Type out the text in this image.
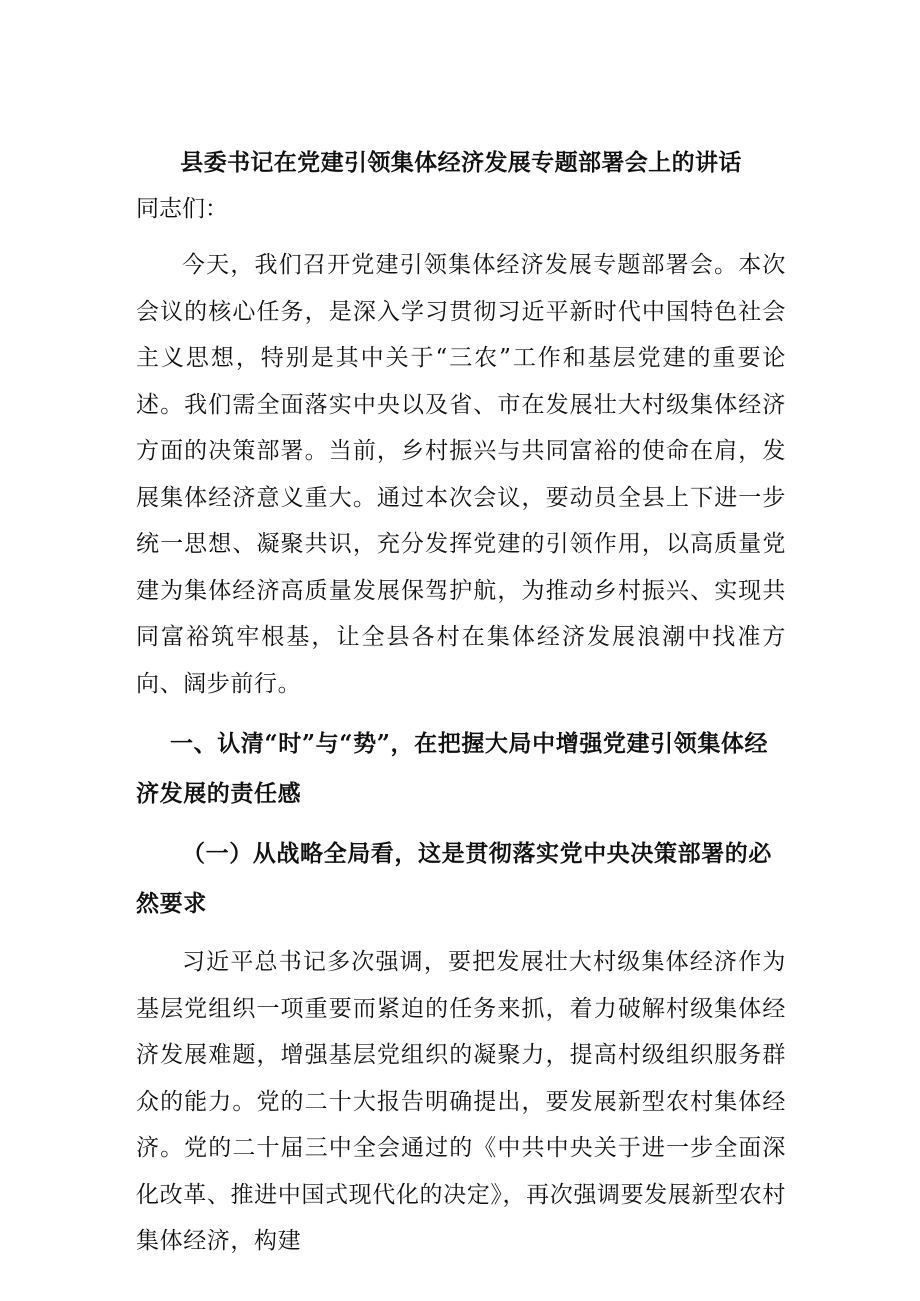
县委书记在党建引领集体经济发展专题部署会上的讲话

同志们：

今天，我们召开党建引领集体经济发展专题部署会。本次会议的核心任务，是深入学习贯彻习近平新时代中国特色社会主义思想，特别是其中关于“三农”工作和基层党建的重要论述。我们需全面落实中央以及省、市在发展壮大村级集体经济方面的决策部署。当前，乡村振兴与共同富裕的使命在肩，发展集体经济意义重大。通过本次会议，要动员全县上下进一步统一思想、凝聚共识，充分发挥党建的引领作用，以高质量党建为集体经济高质量发展保驾护航，为推动乡村振兴、实现共同富裕筑牢根基，让全县各村在集体经济发展浪潮中找准方向、阔步前行。

一、认清“时”与“势”，在把握大局中增强党建引领集体经济发展的责任感
（一）从战略全局看，这是贯彻落实党中央决策部署的必然要求

习近平总书记多次强调，要把发展壮大村级集体经济作为基层党组织一项重要而紧迫的任务来抓，着力破解村级集体经济发展难题，增强基层党组织的凝聚力，提高村级组织服务群众的能力。党的二十大报告明确提出，要发展新型农村集体经济。党的二十届三中全会通过的《中共中央关于进一步全面深化改革、推进中国式现代化的决定》，再次强调要发展新型农村集体经济，构建
